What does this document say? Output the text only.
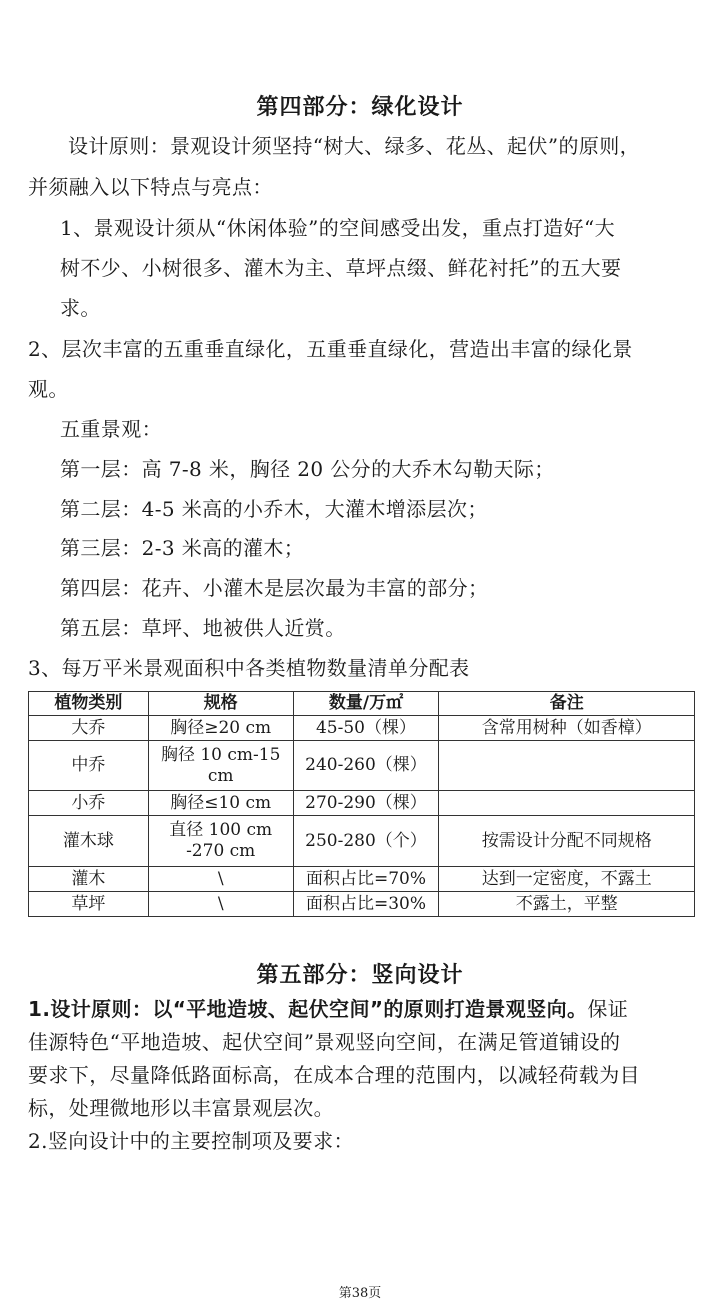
第四部分：绿化设计
设计原则：景观设计须坚持“树大、绿多、花丛、起伏”的原则，
并须融入以下特点与亮点：
1、景观设计须从“休闲体验”的空间感受出发，重点打造好“大
树不少、小树很多、灌木为主、草坪点缀、鲜花衬托”的五大要
求。
2、层次丰富的五重垂直绿化，五重垂直绿化，营造出丰富的绿化景
观。
五重景观：
第一层：高 7-8 米，胸径 20 公分的大乔木勾勒天际；
第二层：4-5 米高的小乔木，大灌木增添层次；
第三层：2-3 米高的灌木；
第四层：花卉、小灌木是层次最为丰富的部分；
第五层：草坪、地被供人近赏。
3、每万平米景观面积中各类植物数量清单分配表
植物类别	规格	数量/万㎡	备注
大乔	胸径≥20 cm	45-50（棵）	含常用树种（如香樟）
中乔	胸径 10 cm-15
cm	240-260（棵）	
小乔	胸径≤10 cm	270-290（棵）	
灌木球	直径 100 cm
-270 cm	250-280（个）	按需设计分配不同规格
灌木	\	面积占比=70%	达到一定密度，不露土
草坪	\	面积占比=30%	不露土，平整
第五部分：竖向设计
1.设计原则：以“平地造坡、起伏空间”的原则打造景观竖向。保证
佳源特色“平地造坡、起伏空间”景观竖向空间，在满足管道铺设的
要求下，尽量降低路面标高，在成本合理的范围内，以减轻荷载为目
标，处理微地形以丰富景观层次。
2.竖向设计中的主要控制项及要求：
第38页
